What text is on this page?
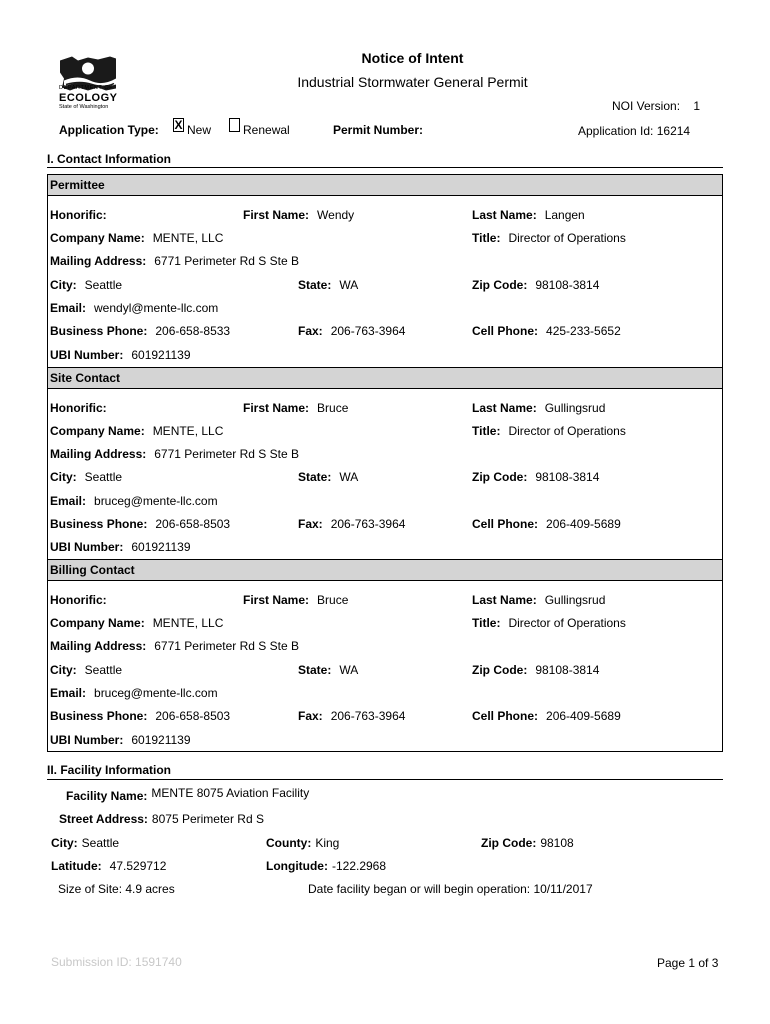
DEPARTMENT OF
ECOLOGY
State of Washington
Notice of Intent
Industrial Stormwater General Permit
NOI Version: 1
Application Type: X New	Renewal	Permit Number:	Application Id: 16214
I. Contact Information
Permittee
Honorific:	First Name: Wendy	Last Name: Langen
Company Name: MENTE, LLC	Title: Director of Operations
Mailing Address: 6771 Perimeter Rd S Ste B
City: Seattle	State: WA	Zip Code: 98108-3814
Email: wendyl@mente-llc.com
Business Phone: 206-658-8533	Fax: 206-763-3964	Cell Phone: 425-233-5652
UBI Number: 601921139
Site Contact
Honorific:	First Name: Bruce	Last Name: Gullingsrud
Company Name: MENTE, LLC	Title: Director of Operations
Mailing Address: 6771 Perimeter Rd S Ste B
City: Seattle	State: WA	Zip Code: 98108-3814
Email: bruceg@mente-llc.com
Business Phone: 206-658-8503	Fax: 206-763-3964	Cell Phone: 206-409-5689
UBI Number: 601921139
Billing Contact
Honorific:	First Name: Bruce	Last Name: Gullingsrud
Company Name: MENTE, LLC	Title: Director of Operations
Mailing Address: 6771 Perimeter Rd S Ste B
City: Seattle	State: WA	Zip Code: 98108-3814
Email: bruceg@mente-llc.com
Business Phone: 206-658-8503	Fax: 206-763-3964	Cell Phone: 206-409-5689
UBI Number: 601921139
II. Facility Information
Facility Name: MENTE 8075 Aviation Facility
Street Address: 8075 Perimeter Rd S
City: Seattle	County: King	Zip Code: 98108
Latitude: 47.529712	Longitude: -122.2968
Size of Site: 4.9 acres	Date facility began or will begin operation: 10/11/2017
Submission ID: 1591740	Page 1 of 3
